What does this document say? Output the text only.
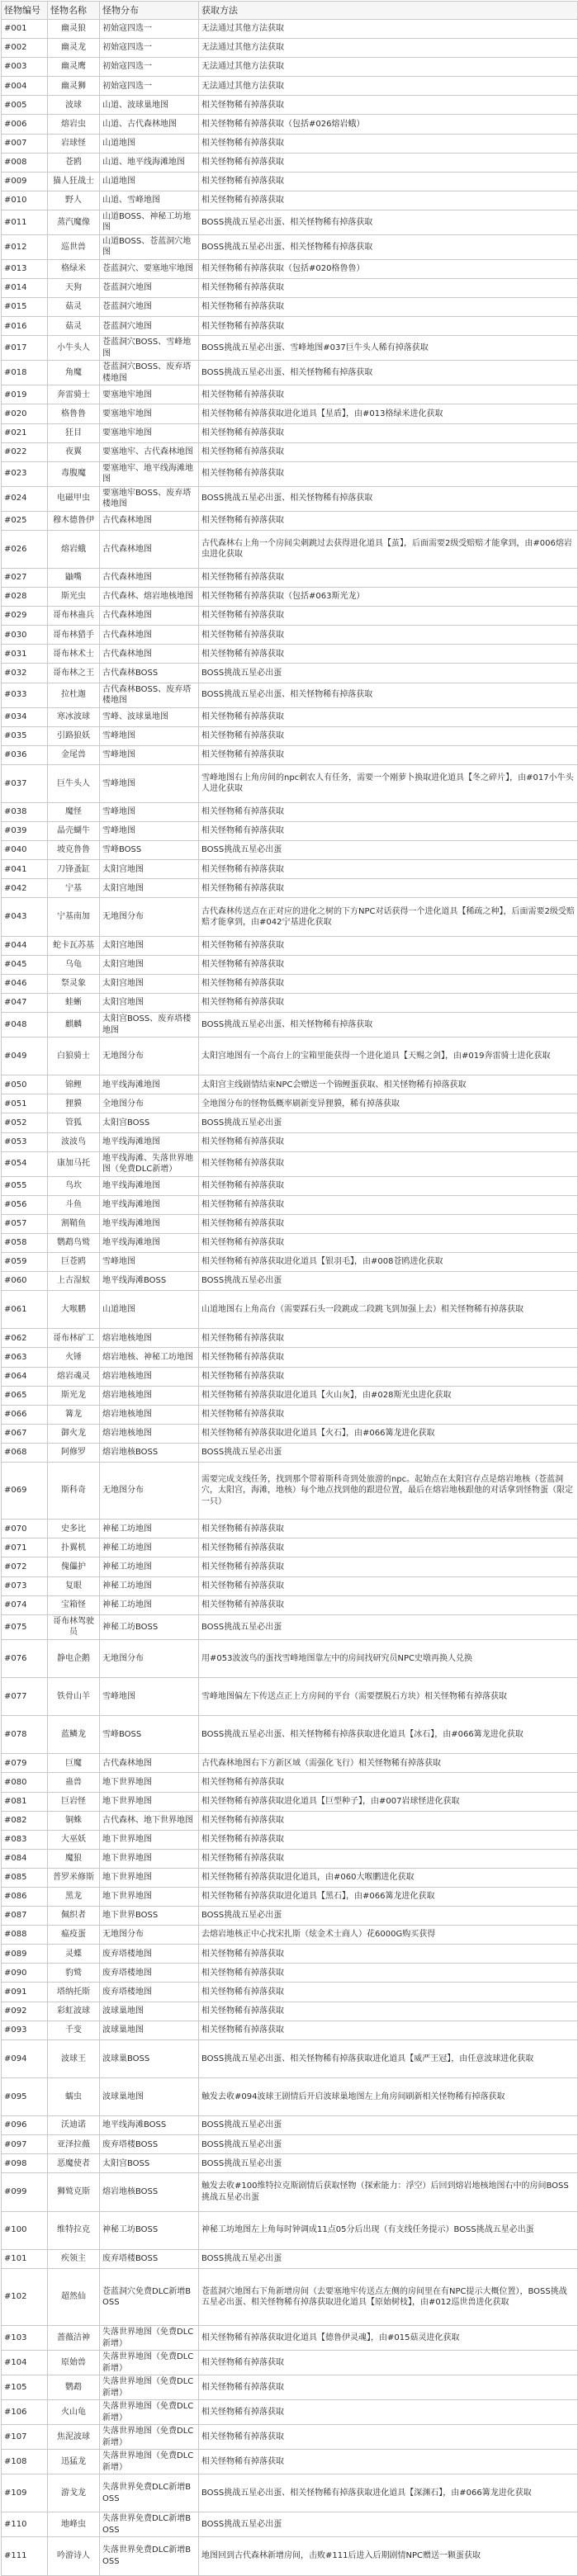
怪物编号	怪物名称	怪物分布	获取方法
#001	幽灵狼	初始寇四选一	无法通过其他方法获取
#002	幽灵龙	初始寇四选一	无法通过其他方法获取
#003	幽灵鹰	初始寇四选一	无法通过其他方法获取
#004	幽灵狮	初始寇四选一	无法通过其他方法获取
#005	波球	山道、波球巢地图	相关怪物稀有掉落获取
#006	熔岩虫	山道、古代森林地图	相关怪物稀有掉落获取（包括#026熔岩蛾）
#007	岩球怪	山道地图	相关怪物稀有掉落获取
#008	苍鸥	山道、地平线海滩地图	相关怪物稀有掉落获取
#009	猫人狂战士	山道地图	相关怪物稀有掉落获取
#010	野人	山道、雪峰地图	相关怪物稀有掉落获取
#011	蒸汽魔像	山道BOSS、神秘工坊地图	BOSS挑战五星必出蛋、相关怪物稀有掉落获取
#012	巡世兽	山道BOSS、苍蓝洞穴地图	BOSS挑战五星必出蛋、相关怪物稀有掉落获取
#013	格绿米	苍蓝洞穴、要塞地牢地图	相关怪物稀有掉落获取（包括#020格鲁鲁）
#014	天狗	苍蓝洞穴地图	相关怪物稀有掉落获取
#015	菇灵	苍蓝洞穴地图	相关怪物稀有掉落获取
#016	菇灵	苍蓝洞穴地图	相关怪物稀有掉落获取
#017	小牛头人	苍蓝洞穴BOSS、雪峰地图	BOSS挑战五星必出蛋、雪峰地图#037巨牛头人稀有掉落获取
#018	角魔	苍蓝洞穴BOSS、废弃塔楼地图	BOSS挑战五星必出蛋、相关怪物稀有掉落获取
#019	奔雷骑士	要塞地牢地图	相关怪物稀有掉落获取
#020	格鲁鲁	要塞地牢地图	相关怪物稀有掉落获取进化道具【星盾】，由#013格绿米进化获取
#021	狂目	要塞地牢地图	相关怪物稀有掉落获取
#022	夜翼	要塞地牢、古代森林地图	相关怪物稀有掉落获取
#023	毒腹魔	要塞地牢、地平线海滩地图	相关怪物稀有掉落获取
#024	电磁甲虫	要塞地牢BOSS、废弃塔楼地图	BOSS挑战五星必出蛋、相关怪物稀有掉落获取
#025	穆木德鲁伊	古代森林地图	相关怪物稀有掉落获取
#026	熔岩蛾	古代森林地图	古代森林右上角一个房间尖刺跳过去获得进化道具【茧】，后面需要2级受赔赔才能拿到，由#006熔岩虫进化获取
#027	鼬嘴	古代森林地图	相关怪物稀有掉落获取
#028	斯光虫	古代森林、熔岩地核地图	相关怪物稀有掉落获取（包括#063斯光龙）
#029	哥布林蛊兵	古代森林地图	相关怪物稀有掉落获取
#030	哥布林猎手	古代森林地图	相关怪物稀有掉落获取
#031	哥布林术士	古代森林地图	相关怪物稀有掉落获取
#032	哥布林之王	古代森林BOSS	BOSS挑战五星必出蛋
#033	拉杜迦	古代森林BOSS、废弃塔楼地图	BOSS挑战五星必出蛋、相关怪物稀有掉落获取
#034	寒冰波球	雪峰、波球巢地图	相关怪物稀有掉落获取
#035	引路狼妖	雪峰地图	相关怪物稀有掉落获取
#036	金尾兽	雪峰地图	相关怪物稀有掉落获取
#037	巨牛头人	雪峰地图	雪峰地图右上角房间的npc刺农人有任务，需要一个刚萝卜换取进化道具【冬之碎片】，由#017小牛头人进化获取
#038	魔怪	雪峰地图	相关怪物稀有掉落获取
#039	晶壳蝴牛	雪峰地图	相关怪物稀有掉落获取
#040	坡克鲁鲁	雪峰BOSS	BOSS挑战五星必出蛋
#041	刀锋蚤缸	太阳宫地图	相关怪物稀有掉落获取
#042	宁基	太阳宫地图	相关怪物稀有掉落获取
#043	宁基南加	无地图分布	古代森林传送点在正对应的进化之树的下方NPC对话获得一个进化道具【稀疏之种】，后面需要2级受赔赔才能拿到，由#042宁基进化获取
#044	蛇卡瓦苏基	太阳宫地图	相关怪物稀有掉落获取
#045	乌龟	太阳宫地图	相关怪物稀有掉落获取
#046	祭灵象	太阳宫地图	相关怪物稀有掉落获取
#047	蛙蜥	太阳宫地图	相关怪物稀有掉落获取
#048	麒麟	太阳宫BOSS、废弃塔楼地图	BOSS挑战五星必出蛋、相关怪物稀有掉落获取
#049	白狼骑士	无地图分布	太阳宫地图有一个高台上的宝箱里能获得一个进化道具【天赐之剑】，由#019奔雷骑士进化获取
#050	锦鲤	地平线海滩地图	太阳宫主线剧情结束NPC会赠送一个锦鲤蛋获取、相关怪物稀有掉落获取
#051	狸貘	全地图分布	全地图分布的怪物低概率刷新变异狸貘，稀有掉落获取
#052	管狐	太阳宫BOSS	BOSS挑战五星必出蛋
#053	波波鸟	地平线海滩地图	相关怪物稀有掉落获取
#054	康加马托	地平线海滩、失落世界地图（免费DLC新增）	相关怪物稀有掉落获取
#055	鸟坎	地平线海滩地图	相关怪物稀有掉落获取
#056	斗鱼	地平线海滩地图	相关怪物稀有掉落获取
#057	割鞘鱼	地平线海滩地图	相关怪物稀有掉落获取
#058	鹦鹉鸟鹫	地平线海滩地图	相关怪物稀有掉落获取
#059	巨苍鸥	雪峰地图	相关怪物稀有掉落获取进化道具【银羽毛】，由#008苍鸥进化获取
#060	上古湿蚁	地平线海滩BOSS	BOSS挑战五星必出蛋
#061	大喉鹏	山道地图	山道地图右上角高台（需要踩石头一段跳或二段跳飞到加强上去）相关怪物稀有掉落获取
#062	哥布林矿工	熔岩地核地图	相关怪物稀有掉落获取
#063	火锤	熔岩地核、神秘工坊地图	相关怪物稀有掉落获取
#064	熔岩魂灵	熔岩地核地图	相关怪物稀有掉落获取
#065	斯光龙	熔岩地核地图	相关怪物稀有掉落获取进化道具【火山灰】，由#028斯光虫进化获取
#066	篝龙	熔岩地核地图	相关怪物稀有掉落获取
#067	御火龙	熔岩地核地图	相关怪物稀有掉落获取进化道具【火石】，由#066篝龙进化获取
#068	阿修罗	熔岩地核BOSS	BOSS挑战五星必出蛋
#069	斯科奇	无地图分布	需要完成支线任务，找到那个带着斯科奇到处旅游的npc。起始点在太阳宫存点是熔岩地核（苍蓝洞穴，太阳宫，海滩，地核）每个地点找到他的跟进位置，最后在熔岩地核跟他的对话拿到怪物蛋（限定一只）
#070	史多比	神秘工坊地图	相关怪物稀有掉落获取
#071	扑翼机	神秘工坊地图	相关怪物稀有掉落获取
#072	傀儡护	神秘工坊地图	相关怪物稀有掉落获取
#073	复眼	神秘工坊地图	相关怪物稀有掉落获取
#074	宝箱怪	神秘工坊地图	相关怪物稀有掉落获取
#075	哥布林驾驶员	神秘工坊BOSS	BOSS挑战五星必出蛋
#076	静电企鹅	无地图分布	用#053波波鸟的蛋找雪峰地图靠左中的房间找研究员NPC史墩再换人兑换
#077	铁骨山羊	雪峰地图	雪峰地图偏左下传送点正上方房间的平台（需要摆脱石方块）相关怪物稀有掉落获取
#078	蓝鳞龙	雪峰BOSS	BOSS挑战五星必出蛋、相关怪物稀有掉落获取进化道具【冰石】，由#066篝龙进化获取
#079	巨魔	古代森林地图	古代森林地图右下方新区域（需强化飞行）相关怪物稀有掉落获取
#080	蛊兽	地下世界地图	相关怪物稀有掉落获取
#081	巨岩怪	地下世界地图	相关怪物稀有掉落获取进化道具【巨型种子】，由#007岩球怪进化获取
#082	铜蛛	古代森林、地下世界地图	相关怪物稀有掉落获取
#083	大巫妖	地下世界地图	相关怪物稀有掉落获取
#084	魔狼	地下世界地图	相关怪物稀有掉落获取
#085	普罗米修斯	地下世界地图	相关怪物稀有掉落获取进化道具，由#060大喉鹏进化获取
#086	黑龙	地下世界地图	相关怪物稀有掉落获取进化道具【黑石】，由#066篝龙进化获取
#087	佩织者	地下世界BOSS	BOSS挑战五星必出蛋
#088	瘟疫蛋	无地图分布	去熔岩地核正中心找宋扎斯（炫金术士商人）花6000G购买获得
#089	灵蝶	废弃塔楼地图	相关怪物稀有掉落获取
#090	豹鹫	废弃塔楼地图	相关怪物稀有掉落获取
#091	塔纳托斯	废弃塔楼地图	相关怪物稀有掉落获取
#092	彩虹波球	波球巢地图	相关怪物稀有掉落获取
#093	千变	波球巢地图	相关怪物稀有掉落获取
#094	波球王	波球巢BOSS	BOSS挑战五星必出蛋、相关怪物稀有掉落获取进化道具【威严王冠】，由任意波球进化获取
#095	蠕虫	波球巢地图	触发去收#094波球王剧情后开启波球巢地图左上角房间刷新相关怪物稀有掉落获取
#096	沃迪诺	地平线海滩BOSS	BOSS挑战五星必出蛋
#097	亚泽拉薇	废弃塔楼BOSS	BOSS挑战五星必出蛋
#098	恶魔使者	太阳宫BOSS	BOSS挑战五星必出蛋
#099	狮鹫克斯	熔岩地核BOSS	触发去收#100维特拉克斯剧情后获取怪物（探索能力：浮空）后回到熔岩地核地图右中的房间BOSS挑战五星必出蛋
#100	维特拉克	神秘工坊BOSS	神秘工坊地图左上角每时钟调成11点05分后出现（有支线任务提示）BOSS挑战五星必出蛋
#101	疾领主	废弃塔楼BOSS	BOSS挑战五星必出蛋
#102	超然仙	苍蓝洞穴免费DLC新增BOSS	苍蓝洞穴地图右下角新增房间（去要塞地牢传送点左侧的房间里在有NPC提示大概位置），BOSS挑战五星必出蛋、相关怪物稀有掉落获取进化道具【原始树枝】，由#012巡世兽进化获取
#103	蔷薇洁神	失落世界地图（免费DLC新增）	相关怪物稀有掉落获取进化道具【德鲁伊灵魂】，由#015菇灵进化获取
#104	原始兽	失落世界地图（免费DLC新增）	相关怪物稀有掉落获取
#105	鹦鹉	失落世界地图（免费DLC新增）	相关怪物稀有掉落获取
#106	火山龟	失落世界地图（免费DLC新增）	相关怪物稀有掉落获取
#107	焦泥波球	失落世界地图（免费DLC新增）	相关怪物稀有掉落获取
#108	迅猛龙	失落世界地图（免费DLC新增）	相关怪物稀有掉落获取
#109	游戈龙	失落世界免费DLC新增BOSS	BOSS挑战五星必出蛋、相关怪物稀有掉落获取进化道具【深渊石】，由#066篝龙进化获取
#110	地峰虫	失落世界免费DLC新增BOSS	BOSS挑战五星必出蛋
#111	吟游诗人	失落世界免费DLC新增BOSS	地图回到古代森林新增房间，击败#111后进入后期剧情NPC赠送一颗蛋获取
